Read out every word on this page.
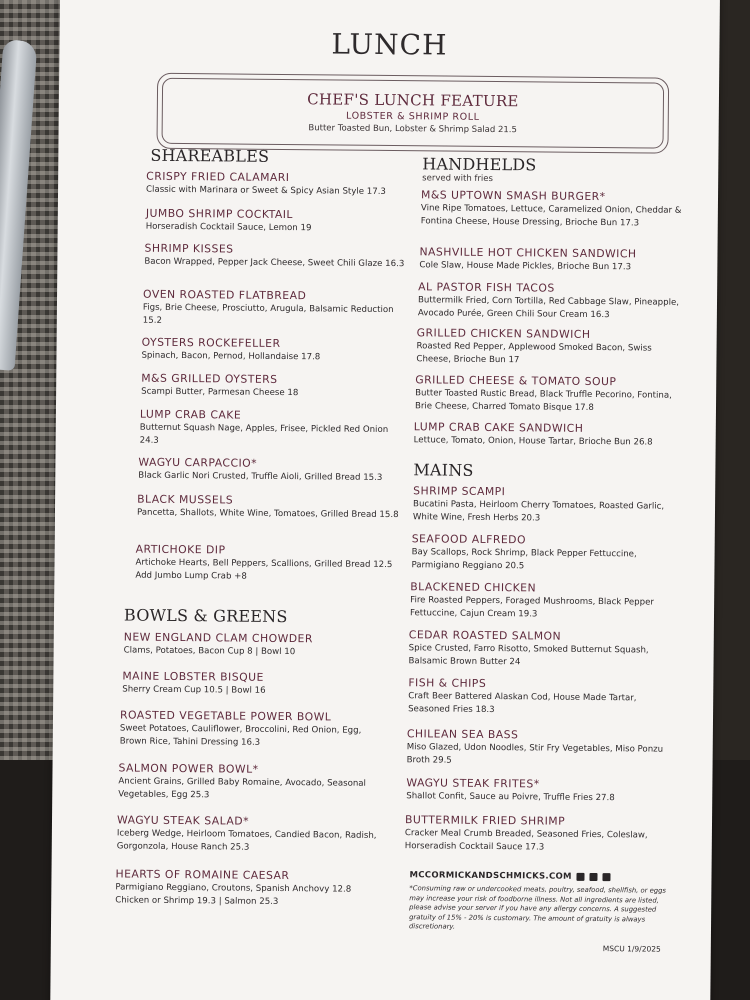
LUNCH
CHEF'S LUNCH FEATURE
LOBSTER & SHRIMP ROLL
Butter Toasted Bun, Lobster & Shrimp Salad 21.5
SHAREABLES
CRISPY FRIED CALAMARI
Classic with Marinara or Sweet & Spicy Asian Style 17.3
JUMBO SHRIMP COCKTAIL
Horseradish Cocktail Sauce, Lemon 19
SHRIMP KISSES
Bacon Wrapped, Pepper Jack Cheese, Sweet Chili Glaze 16.3
OVEN ROASTED FLATBREAD
Figs, Brie Cheese, Prosciutto, Arugula, Balsamic Reduction 15.2
OYSTERS ROCKEFELLER
Spinach, Bacon, Pernod, Hollandaise 17.8
M&S GRILLED OYSTERS
Scampi Butter, Parmesan Cheese 18
LUMP CRAB CAKE
Butternut Squash Nage, Apples, Frisee, Pickled Red Onion 24.3
WAGYU CARPACCIO*
Black Garlic Nori Crusted, Truffle Aioli, Grilled Bread 15.3
BLACK MUSSELS
Pancetta, Shallots, White Wine, Tomatoes, Grilled Bread 15.8
ARTICHOKE DIP
Artichoke Hearts, Bell Peppers, Scallions, Grilled Bread 12.5 Add Jumbo Lump Crab +8
BOWLS & GREENS
NEW ENGLAND CLAM CHOWDER
Clams, Potatoes, Bacon Cup 8 | Bowl 10
MAINE LOBSTER BISQUE
Sherry Cream Cup 10.5 | Bowl 16
ROASTED VEGETABLE POWER BOWL
Sweet Potatoes, Cauliflower, Broccolini, Red Onion, Egg, Brown Rice, Tahini Dressing 16.3
SALMON POWER BOWL*
Ancient Grains, Grilled Baby Romaine, Avocado, Seasonal Vegetables, Egg 25.3
WAGYU STEAK SALAD*
Iceberg Wedge, Heirloom Tomatoes, Candied Bacon, Radish, Gorgonzola, House Ranch 25.3
HEARTS OF ROMAINE CAESAR
Parmigiano Reggiano, Croutons, Spanish Anchovy 12.8 Chicken or Shrimp 19.3 | Salmon 25.3
HANDHELDS
served with fries
M&S UPTOWN SMASH BURGER*
Vine Ripe Tomatoes, Lettuce, Caramelized Onion, Cheddar & Fontina Cheese, House Dressing, Brioche Bun 17.3
NASHVILLE HOT CHICKEN SANDWICH
Cole Slaw, House Made Pickles, Brioche Bun 17.3
AL PASTOR FISH TACOS
Buttermilk Fried, Corn Tortilla, Red Cabbage Slaw, Pineapple, Avocado Purée, Green Chili Sour Cream 16.3
GRILLED CHICKEN SANDWICH
Roasted Red Pepper, Applewood Smoked Bacon, Swiss Cheese, Brioche Bun 17
GRILLED CHEESE & TOMATO SOUP
Butter Toasted Rustic Bread, Black Truffle Pecorino, Fontina, Brie Cheese, Charred Tomato Bisque 17.8
LUMP CRAB CAKE SANDWICH
Lettuce, Tomato, Onion, House Tartar, Brioche Bun 26.8
MAINS
SHRIMP SCAMPI
Bucatini Pasta, Heirloom Cherry Tomatoes, Roasted Garlic, White Wine, Fresh Herbs 20.3
SEAFOOD ALFREDO
Bay Scallops, Rock Shrimp, Black Pepper Fettuccine, Parmigiano Reggiano 20.5
BLACKENED CHICKEN
Fire Roasted Peppers, Foraged Mushrooms, Black Pepper Fettuccine, Cajun Cream 19.3
CEDAR ROASTED SALMON
Spice Crusted, Farro Risotto, Smoked Butternut Squash, Balsamic Brown Butter 24
FISH & CHIPS
Craft Beer Battered Alaskan Cod, House Made Tartar, Seasoned Fries 18.3
CHILEAN SEA BASS
Miso Glazed, Udon Noodles, Stir Fry Vegetables, Miso Ponzu Broth 29.5
WAGYU STEAK FRITES*
Shallot Confit, Sauce au Poivre, Truffle Fries 27.8
BUTTERMILK FRIED SHRIMP
Cracker Meal Crumb Breaded, Seasoned Fries, Coleslaw, Horseradish Cocktail Sauce 17.3
MCCORMICKANDSCHMICKS.COM
*Consuming raw or undercooked meats, poultry, seafood, shellfish, or eggs may increase your risk of foodborne illness. Not all ingredients are listed, please advise your server if you have any allergy concerns. A suggested gratuity of 15% - 20% is customary. The amount of gratuity is always discretionary.
MSCU 1/9/2025
